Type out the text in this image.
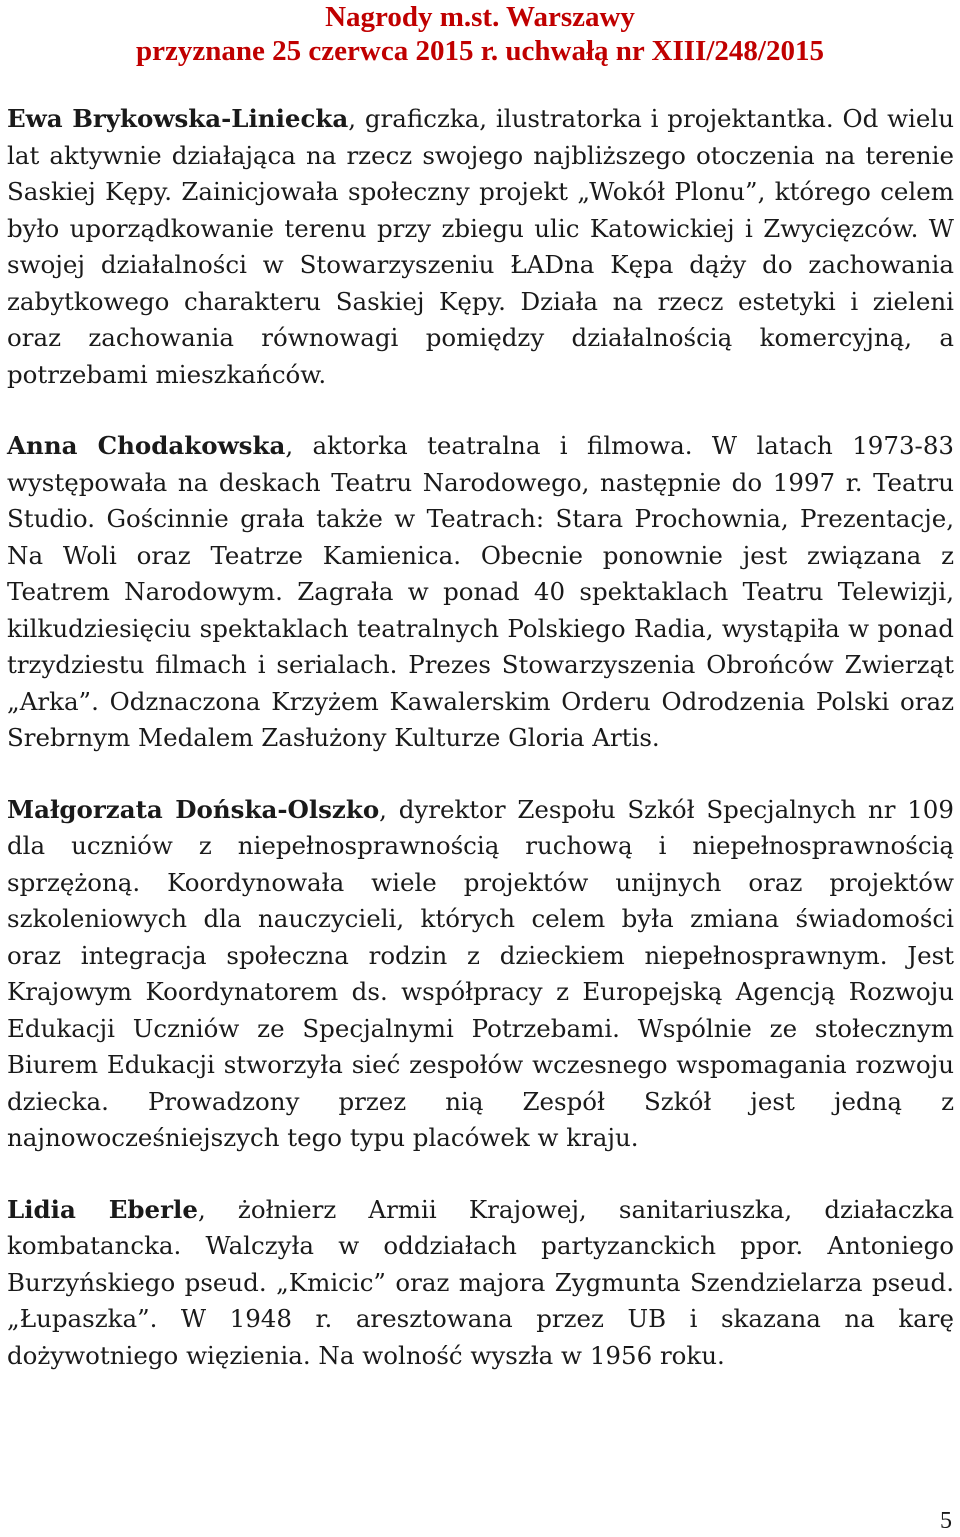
Nagrody m.st. Warszawy
przyznane 25 czerwca 2015 r. uchwałą nr XIII/248/2015

Ewa Brykowska-Liniecka, graficzka, ilustratorka i projektantka. Od wielu lat aktywnie działająca na rzecz swojego najbliższego otoczenia na terenie Saskiej Kępy. Zainicjowała społeczny projekt „Wokół Plonu”, którego celem było uporządkowanie terenu przy zbiegu ulic Katowickiej i Zwycięzców. W swojej działalności w Stowarzyszeniu ŁADna Kępa dąży do zachowania zabytkowego charakteru Saskiej Kępy. Działa na rzecz estetyki i zieleni oraz zachowania równowagi pomiędzy działalnością komercyjną, a potrzebami mieszkańców.

Anna Chodakowska, aktorka teatralna i filmowa. W latach 1973-83 występowała na deskach Teatru Narodowego, następnie do 1997 r. Teatru Studio. Gościnnie grała także w Teatrach: Stara Prochownia, Prezentacje, Na Woli oraz Teatrze Kamienica. Obecnie ponownie jest związana z Teatrem Narodowym. Zagrała w ponad 40 spektaklach Teatru Telewizji, kilkudziesięciu spektaklach teatralnych Polskiego Radia, wystąpiła w ponad trzydziestu filmach i serialach. Prezes Stowarzyszenia Obrońców Zwierząt „Arka”. Odznaczona Krzyżem Kawalerskim Orderu Odrodzenia Polski oraz Srebrnym Medalem Zasłużony Kulturze Gloria Artis.

Małgorzata Dońska-Olszko, dyrektor Zespołu Szkół Specjalnych nr 109 dla uczniów z niepełnosprawnością ruchową i niepełnosprawnością sprzężoną. Koordynowała wiele projektów unijnych oraz projektów szkoleniowych dla nauczycieli, których celem była zmiana świadomości oraz integracja społeczna rodzin z dzieckiem niepełnosprawnym. Jest Krajowym Koordynatorem ds. współpracy z Europejską Agencją Rozwoju Edukacji Uczniów ze Specjalnymi Potrzebami. Wspólnie ze stołecznym Biurem Edukacji stworzyła sieć zespołów wczesnego wspomagania rozwoju dziecka. Prowadzony przez nią Zespół Szkół jest jedną z najnowocześniejszych tego typu placówek w kraju.

Lidia Eberle, żołnierz Armii Krajowej, sanitariuszka, działaczka kombatancka. Walczyła w oddziałach partyzanckich ppor. Antoniego Burzyńskiego pseud. „Kmicic” oraz majora Zygmunta Szendzielarza pseud. „Łupaszka”. W 1948 r. aresztowana przez UB i skazana na karę dożywotniego więzienia. Na wolność wyszła w 1956 roku.

5
